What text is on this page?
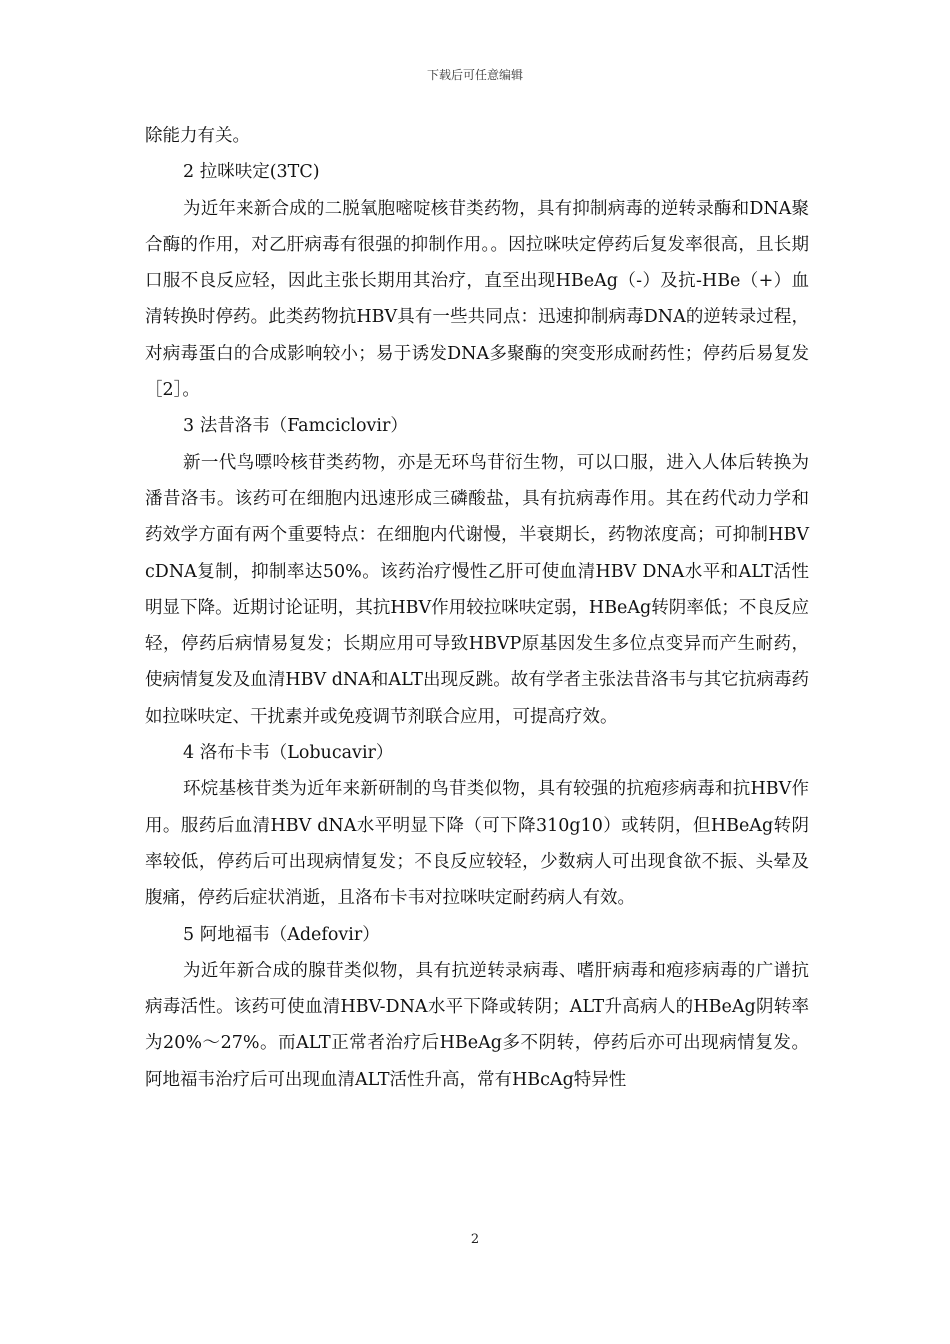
下载后可任意编辑

除能力有关。

2 拉咪呋定(3TC)

为近年来新合成的二脱氧胞嘧啶核苷类药物，具有抑制病毒的逆转录酶和DNA聚合酶的作用，对乙肝病毒有很强的抑制作用。。因拉咪呋定停药后复发率很高，且长期口服不良反应轻，因此主张长期用其治疗，直至出现HBeAg（-）及抗-HBe（+）血清转换时停药。此类药物抗HBV具有一些共同点：迅速抑制病毒DNA的逆转录过程，对病毒蛋白的合成影响较小；易于诱发DNA多聚酶的突变形成耐药性；停药后易复发［2］。

3 法昔洛韦（Famciclovir）

新一代鸟嘌呤核苷类药物，亦是无环鸟苷衍生物，可以口服，进入人体后转换为潘昔洛韦。该药可在细胞内迅速形成三磷酸盐，具有抗病毒作用。其在药代动力学和药效学方面有两个重要特点：在细胞内代谢慢，半衰期长，药物浓度高；可抑制HBV cDNA复制，抑制率达50%。该药治疗慢性乙肝可使血清HBV DNA水平和ALT活性明显下降。近期讨论证明，其抗HBV作用较拉咪呋定弱，HBeAg转阴率低；不良反应轻，停药后病情易复发；长期应用可导致HBVP原基因发生多位点变异而产生耐药，使病情复发及血清HBV dNA和ALT出现反跳。故有学者主张法昔洛韦与其它抗病毒药如拉咪呋定、干扰素并或免疫调节剂联合应用，可提高疗效。

4 洛布卡韦（Lobucavir）

环烷基核苷类为近年来新研制的鸟苷类似物，具有较强的抗疱疹病毒和抗HBV作用。服药后血清HBV dNA水平明显下降（可下降310g10）或转阴，但HBeAg转阴率较低，停药后可出现病情复发；不良反应较轻，少数病人可出现食欲不振、头晕及腹痛，停药后症状消逝，且洛布卡韦对拉咪呋定耐药病人有效。

5 阿地福韦（Adefovir）

为近年新合成的腺苷类似物，具有抗逆转录病毒、嗜肝病毒和疱疹病毒的广谱抗病毒活性。该药可使血清HBV-DNA水平下降或转阴；ALT升高病人的HBeAg阴转率为20%～27%。而ALT正常者治疗后HBeAg多不阴转，停药后亦可出现病情复发。阿地福韦治疗后可出现血清ALT活性升高，常有HBcAg特异性

2
